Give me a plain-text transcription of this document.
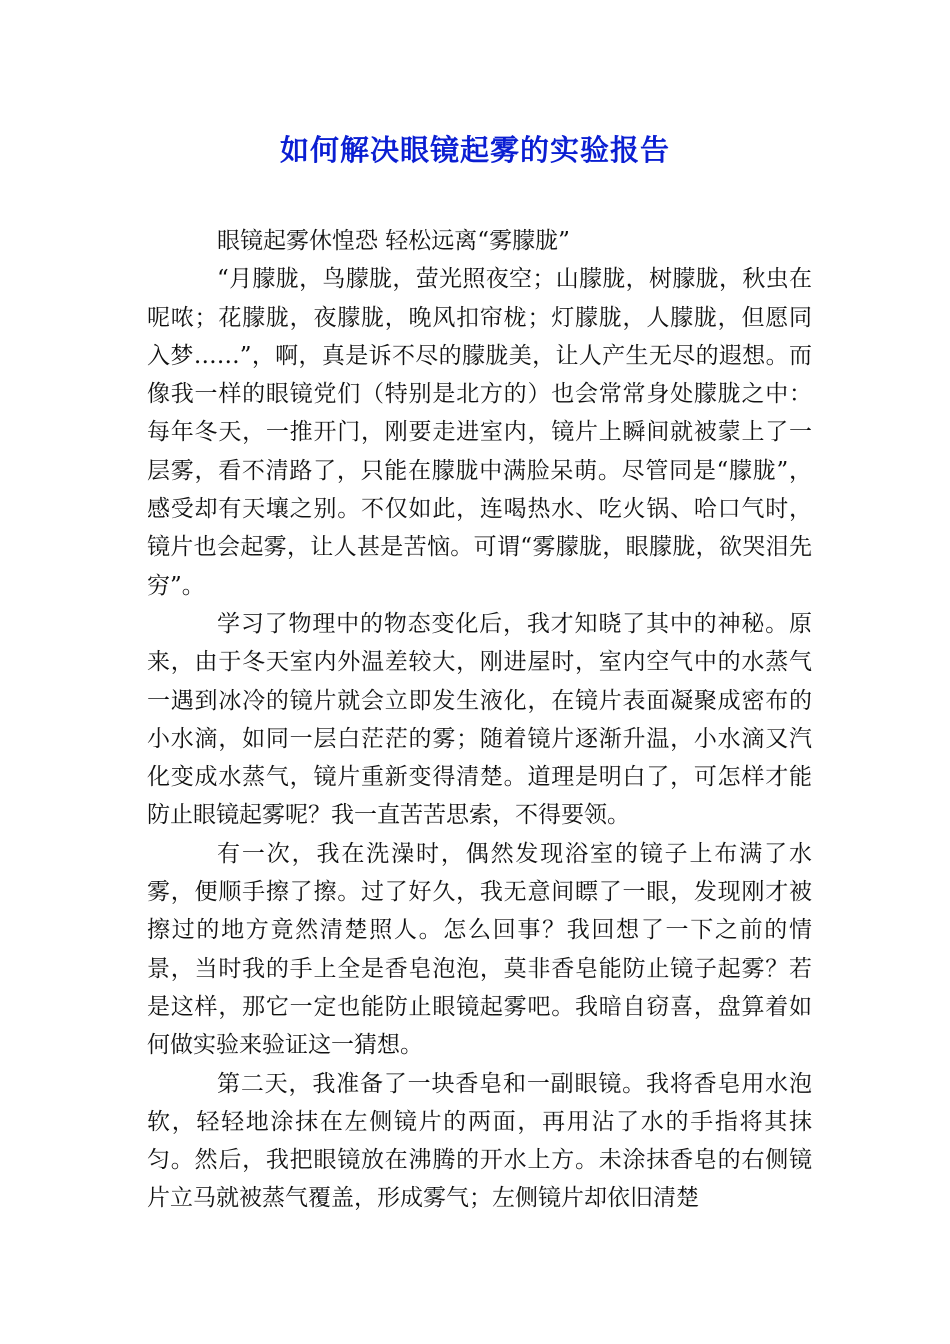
如何解决眼镜起雾的实验报告

眼镜起雾休惶恐 轻松远离“雾朦胧”

“月朦胧，鸟朦胧，萤光照夜空；山朦胧，树朦胧，秋虫在呢哝；花朦胧，夜朦胧，晚风扣帘栊；灯朦胧，人朦胧，但愿同入梦……”，啊，真是诉不尽的朦胧美，让人产生无尽的遐想。而像我一样的眼镜党们（特别是北方的）也会常常身处朦胧之中：每年冬天，一推开门，刚要走进室内，镜片上瞬间就被蒙上了一层雾，看不清路了，只能在朦胧中满脸呆萌。尽管同是“朦胧”，感受却有天壤之别。不仅如此，连喝热水、吃火锅、哈口气时，镜片也会起雾，让人甚是苦恼。可谓“雾朦胧，眼朦胧，欲哭泪先穷”。

学习了物理中的物态变化后，我才知晓了其中的神秘。原来，由于冬天室内外温差较大，刚进屋时，室内空气中的水蒸气一遇到冰冷的镜片就会立即发生液化，在镜片表面凝聚成密布的小水滴，如同一层白茫茫的雾；随着镜片逐渐升温，小水滴又汽化变成水蒸气，镜片重新变得清楚。道理是明白了，可怎样才能防止眼镜起雾呢？我一直苦苦思索，不得要领。

有一次，我在洗澡时，偶然发现浴室的镜子上布满了水雾，便顺手擦了擦。过了好久，我无意间瞟了一眼，发现刚才被擦过的地方竟然清楚照人。怎么回事？我回想了一下之前的情景，当时我的手上全是香皂泡泡，莫非香皂能防止镜子起雾？若是这样，那它一定也能防止眼镜起雾吧。我暗自窃喜，盘算着如何做实验来验证这一猜想。

第二天，我准备了一块香皂和一副眼镜。我将香皂用水泡软，轻轻地涂抹在左侧镜片的两面，再用沾了水的手指将其抹匀。然后，我把眼镜放在沸腾的开水上方。未涂抹香皂的右侧镜片立马就被蒸气覆盖，形成雾气；左侧镜片却依旧清楚
